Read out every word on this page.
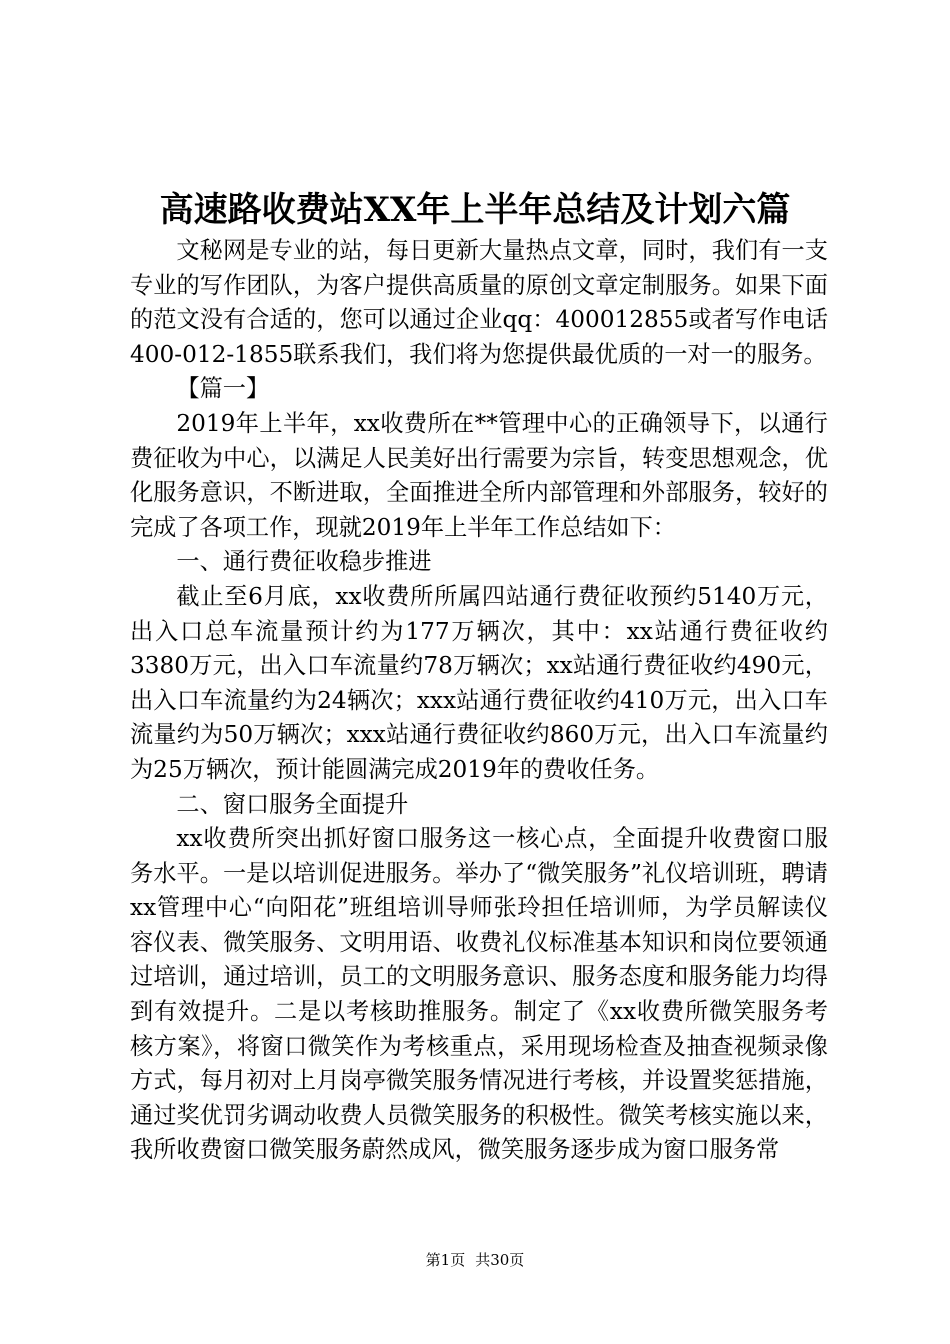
高速路收费站XX年上半年总结及计划六篇

文秘网是专业的站，每日更新大量热点文章，同时，我们有一支专业的写作团队，为客户提供高质量的原创文章定制服务。如果下面的范文没有合适的，您可以通过企业qq：400012855或者写作电话400-012-1855联系我们，我们将为您提供最优质的一对一的服务。

【篇一】

2019年上半年，xx收费所在**管理中心的正确领导下，以通行费征收为中心，以满足人民美好出行需要为宗旨，转变思想观念，优化服务意识，不断进取，全面推进全所内部管理和外部服务，较好的完成了各项工作，现就2019年上半年工作总结如下：

一、通行费征收稳步推进

截止至6月底，xx收费所所属四站通行费征收预约5140万元，出入口总车流量预计约为177万辆次，其中：xx站通行费征收约3380万元，出入口车流量约78万辆次；xx站通行费征收约490元，出入口车流量约为24辆次；xxx站通行费征收约410万元，出入口车流量约为50万辆次；xxx站通行费征收约860万元，出入口车流量约为25万辆次，预计能圆满完成2019年的费收任务。

二、窗口服务全面提升

xx收费所突出抓好窗口服务这一核心点，全面提升收费窗口服务水平。一是以培训促进服务。举办了“微笑服务”礼仪培训班，聘请xx管理中心“向阳花”班组培训导师张玲担任培训师，为学员解读仪容仪表、微笑服务、文明用语、收费礼仪标准基本知识和岗位要领通过培训，通过培训，员工的文明服务意识、服务态度和服务能力均得到有效提升。二是以考核助推服务。制定了《xx收费所微笑服务考核方案》，将窗口微笑作为考核重点，采用现场检查及抽查视频录像方式，每月初对上月岗亭微笑服务情况进行考核，并设置奖惩措施，通过奖优罚劣调动收费人员微笑服务的积极性。微笑考核实施以来，我所收费窗口微笑服务蔚然成风，微笑服务逐步成为窗口服务常

第1页 共30页
